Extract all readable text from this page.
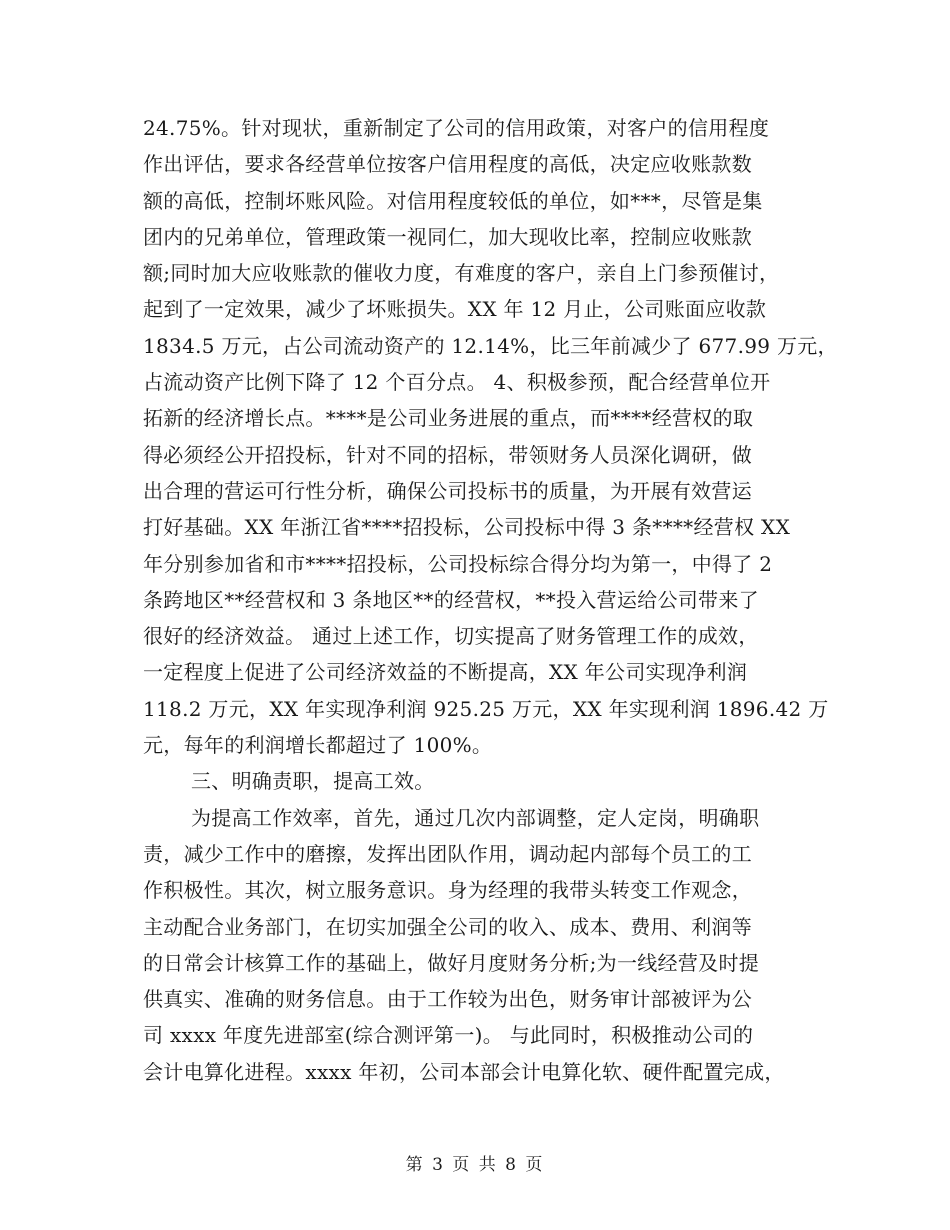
24.75%。针对现状，重新制定了公司的信用政策，对客户的信用程度
作出评估，要求各经营单位按客户信用程度的高低，决定应收账款数
额的高低，控制坏账风险。对信用程度较低的单位，如***，尽管是集
团内的兄弟单位，管理政策一视同仁，加大现收比率，控制应收账款
额;同时加大应收账款的催收力度，有难度的客户，亲自上门参预催讨，
起到了一定效果，减少了坏账损失。XX 年 12 月止，公司账面应收款
1834.5 万元，占公司流动资产的 12.14%，比三年前减少了 677.99 万元，
占流动资产比例下降了 12 个百分点。 4、积极参预，配合经营单位开
拓新的经济增长点。****是公司业务进展的重点，而****经营权的取
得必须经公开招投标，针对不同的招标，带领财务人员深化调研，做
出合理的营运可行性分析，确保公司投标书的质量，为开展有效营运
打好基础。XX 年浙江省****招投标，公司投标中得 3 条****经营权 XX
年分别参加省和市****招投标，公司投标综合得分均为第一，中得了 2
条跨地区**经营权和 3 条地区**的经营权，**投入营运给公司带来了
很好的经济效益。 通过上述工作，切实提高了财务管理工作的成效，
一定程度上促进了公司经济效益的不断提高，XX 年公司实现净利润
118.2 万元，XX 年实现净利润 925.25 万元，XX 年实现利润 1896.42 万
元，每年的利润增长都超过了 100%。
三、明确责职，提高工效。
为提高工作效率，首先，通过几次内部调整，定人定岗，明确职
责，减少工作中的磨擦，发挥出团队作用，调动起内部每个员工的工
作积极性。其次，树立服务意识。身为经理的我带头转变工作观念，
主动配合业务部门，在切实加强全公司的收入、成本、费用、利润等
的日常会计核算工作的基础上，做好月度财务分析;为一线经营及时提
供真实、准确的财务信息。由于工作较为出色，财务审计部被评为公
司 xxxx 年度先进部室(综合测评第一)。 与此同时，积极推动公司的
会计电算化进程。xxxx 年初，公司本部会计电算化软、硬件配置完成，
第 3 页 共 8 页
